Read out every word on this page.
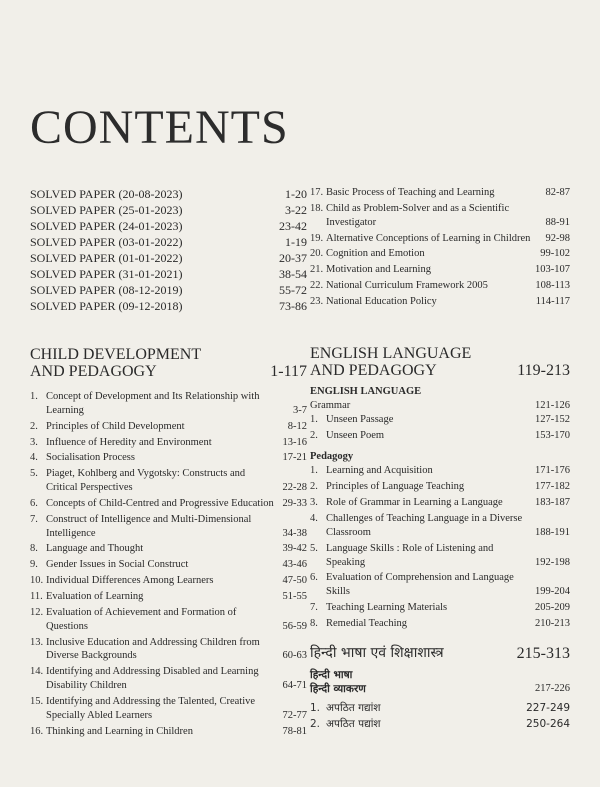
CONTENTS
SOLVED PAPER (20-08-2023)	1-20
SOLVED PAPER (25-01-2023)	3-22
SOLVED PAPER (24-01-2023)	23-42
SOLVED PAPER (03-01-2022)	1-19
SOLVED PAPER (01-01-2022)	20-37
SOLVED PAPER (31-01-2021)	38-54
SOLVED PAPER (08-12-2019)	55-72
SOLVED PAPER (09-12-2018)	73-86
CHILD DEVELOPMENT
AND PEDAGOGY	1-117
1. Concept of Development and Its Relationship with Learning	3-7
2. Principles of Child Development	8-12
3. Influence of Heredity and Environment	13-16
4. Socialisation Process	17-21
5. Piaget, Kohlberg and Vygotsky: Constructs and Critical Perspectives	22-28
6. Concepts of Child-Centred and Progressive Education 29-33
7. Construct of Intelligence and Multi-Dimensional Intelligence	34-38
8. Language and Thought	39-42
9. Gender Issues in Social Construct	43-46
10. Individual Differences Among Learners	47-50
11. Evaluation of Learning	51-55
12. Evaluation of Achievement and Formation of Questions	56-59
13. Inclusive Education and Addressing Children from Diverse Backgrounds	60-63
14. Identifying and Addressing Disabled and Learning Disability Children	64-71
15. Identifying and Addressing the Talented, Creative Specially Abled Learners	72-77
16. Thinking and Learning in Children	78-81
17. Basic Process of Teaching and Learning	82-87
18. Child as Problem-Solver and as a Scientific Investigator	88-91
19. Alternative Conceptions of Learning in Children	92-98
20. Cognition and Emotion	99-102
21. Motivation and Learning	103-107
22. National Curriculum Framework 2005	108-113
23. National Education Policy	114-117
ENGLISH LANGUAGE
AND PEDAGOGY	119-213
ENGLISH LANGUAGE
Grammar	121-126
1. Unseen Passage	127-152
2. Unseen Poem	153-170
Pedagogy
1. Learning and Acquisition	171-176
2. Principles of Language Teaching	177-182
3. Role of Grammar in Learning a Language	183-187
4. Challenges of Teaching Language in a Diverse Classroom	188-191
5. Language Skills : Role of Listening and Speaking	192-198
6. Evaluation of Comprehension and Language Skills	199-204
7. Teaching Learning Materials	205-209
8. Remedial Teaching	210-213
हिन्दी भाषा एवं शिक्षाशास्त्र	215-313
हिन्दी भाषा
हिन्दी व्याकरण	217-226
1. अपठित गद्यांश	227-249
2. अपठित पद्यांश	250-264
